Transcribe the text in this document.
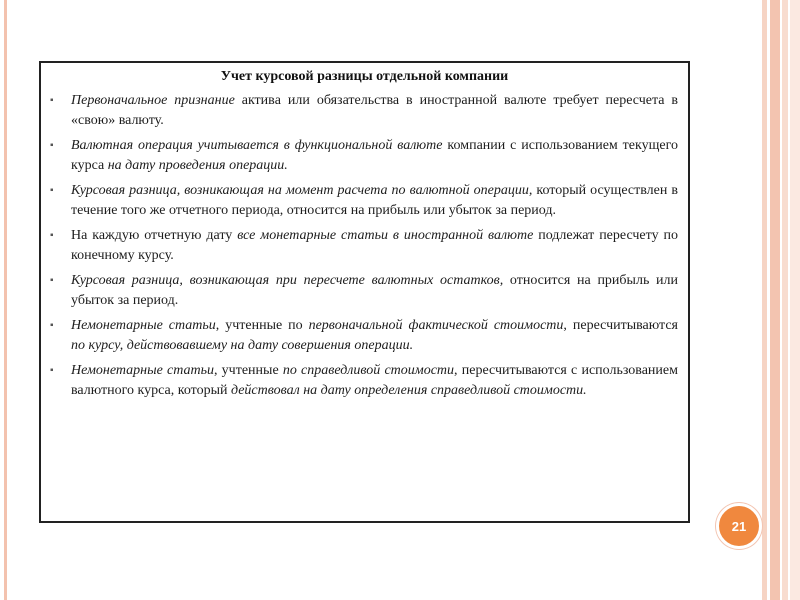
Учет курсовой разницы отдельной компании
▪ Первоначальное признание активa или обязательства в иностранной валюте требует пересчета в «свою» валюту.
▪ Валютная операция учитывается в функциональной валюте компании с использованием текущего курса на дату проведения операции.
▪ Курсовая разница, возникающая на момент расчета по валютной операции, который осуществлен в течение того же отчетного периода, относится на прибыль или убыток за период.
▪ На каждую отчетную дату все монетарные статьи в иностранной валюте подлежат пересчету по конечному курсу.
▪ Курсовая разница, возникающая при пересчете валютных остатков, относится на прибыль или убыток за период.
▪ Немонетарные статьи, учтенные по первоначальной фактической стоимости, пересчитываются по курсу, действовавшему на дату совершения операции.
▪ Немонетарные статьи, учтенные по справедливой стоимости, пересчитываются с использованием валютного курса, который действовал на дату определения справедливой стоимости.
21
